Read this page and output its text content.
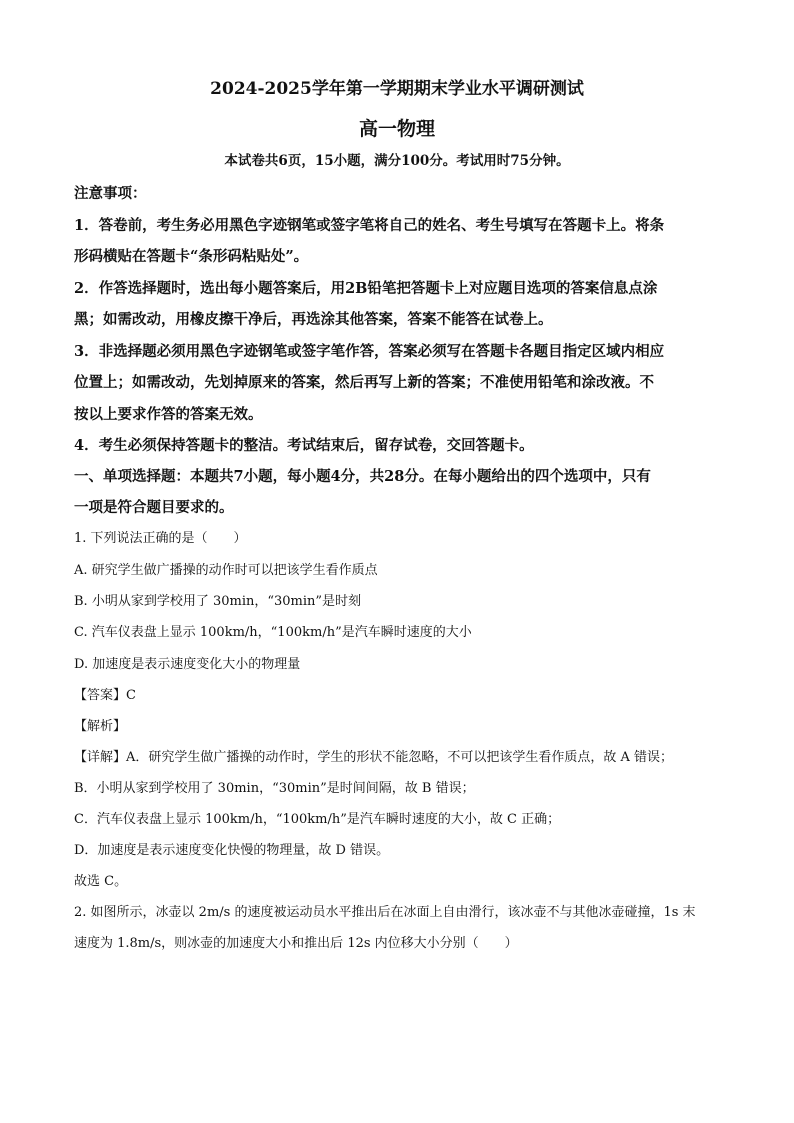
2024-2025学年第一学期期末学业水平调研测试
高一物理
本试卷共6页，15小题，满分100分。考试用时75分钟。
注意事项：
1．答卷前，考生务必用黑色字迹钢笔或签字笔将自己的姓名、考生号填写在答题卡上。将条
形码横贴在答题卡“条形码粘贴处”。
2．作答选择题时，选出每小题答案后，用2B铅笔把答题卡上对应题目选项的答案信息点涂
黑；如需改动，用橡皮擦干净后，再选涂其他答案，答案不能答在试卷上。
3．非选择题必须用黑色字迹钢笔或签字笔作答，答案必须写在答题卡各题目指定区域内相应
位置上；如需改动，先划掉原来的答案，然后再写上新的答案；不准使用铅笔和涂改液。不
按以上要求作答的答案无效。
4．考生必须保持答题卡的整洁。考试结束后，留存试卷，交回答题卡。
一、单项选择题：本题共7小题，每小题4分，共28分。在每小题给出的四个选项中，只有
一项是符合题目要求的。
1. 下列说法正确的是（　　）
A. 研究学生做广播操的动作时可以把该学生看作质点
B. 小明从家到学校用了 30min，“30min”是时刻
C. 汽车仪表盘上显示 100km/h，“100km/h”是汽车瞬时速度的大小
D. 加速度是表示速度变化大小的物理量
【答案】C
【解析】
【详解】A．研究学生做广播操的动作时，学生的形状不能忽略，不可以把该学生看作质点，故 A 错误；
B．小明从家到学校用了 30min，“30min”是时间间隔，故 B 错误；
C．汽车仪表盘上显示 100km/h，“100km/h”是汽车瞬时速度的大小，故 C 正确；
D．加速度是表示速度变化快慢的物理量，故 D 错误。
故选 C。
2. 如图所示，冰壶以 2m/s 的速度被运动员水平推出后在冰面上自由滑行，该冰壶不与其他冰壶碰撞，1s 末
速度为 1.8m/s，则冰壶的加速度大小和推出后 12s 内位移大小分别（　　）
